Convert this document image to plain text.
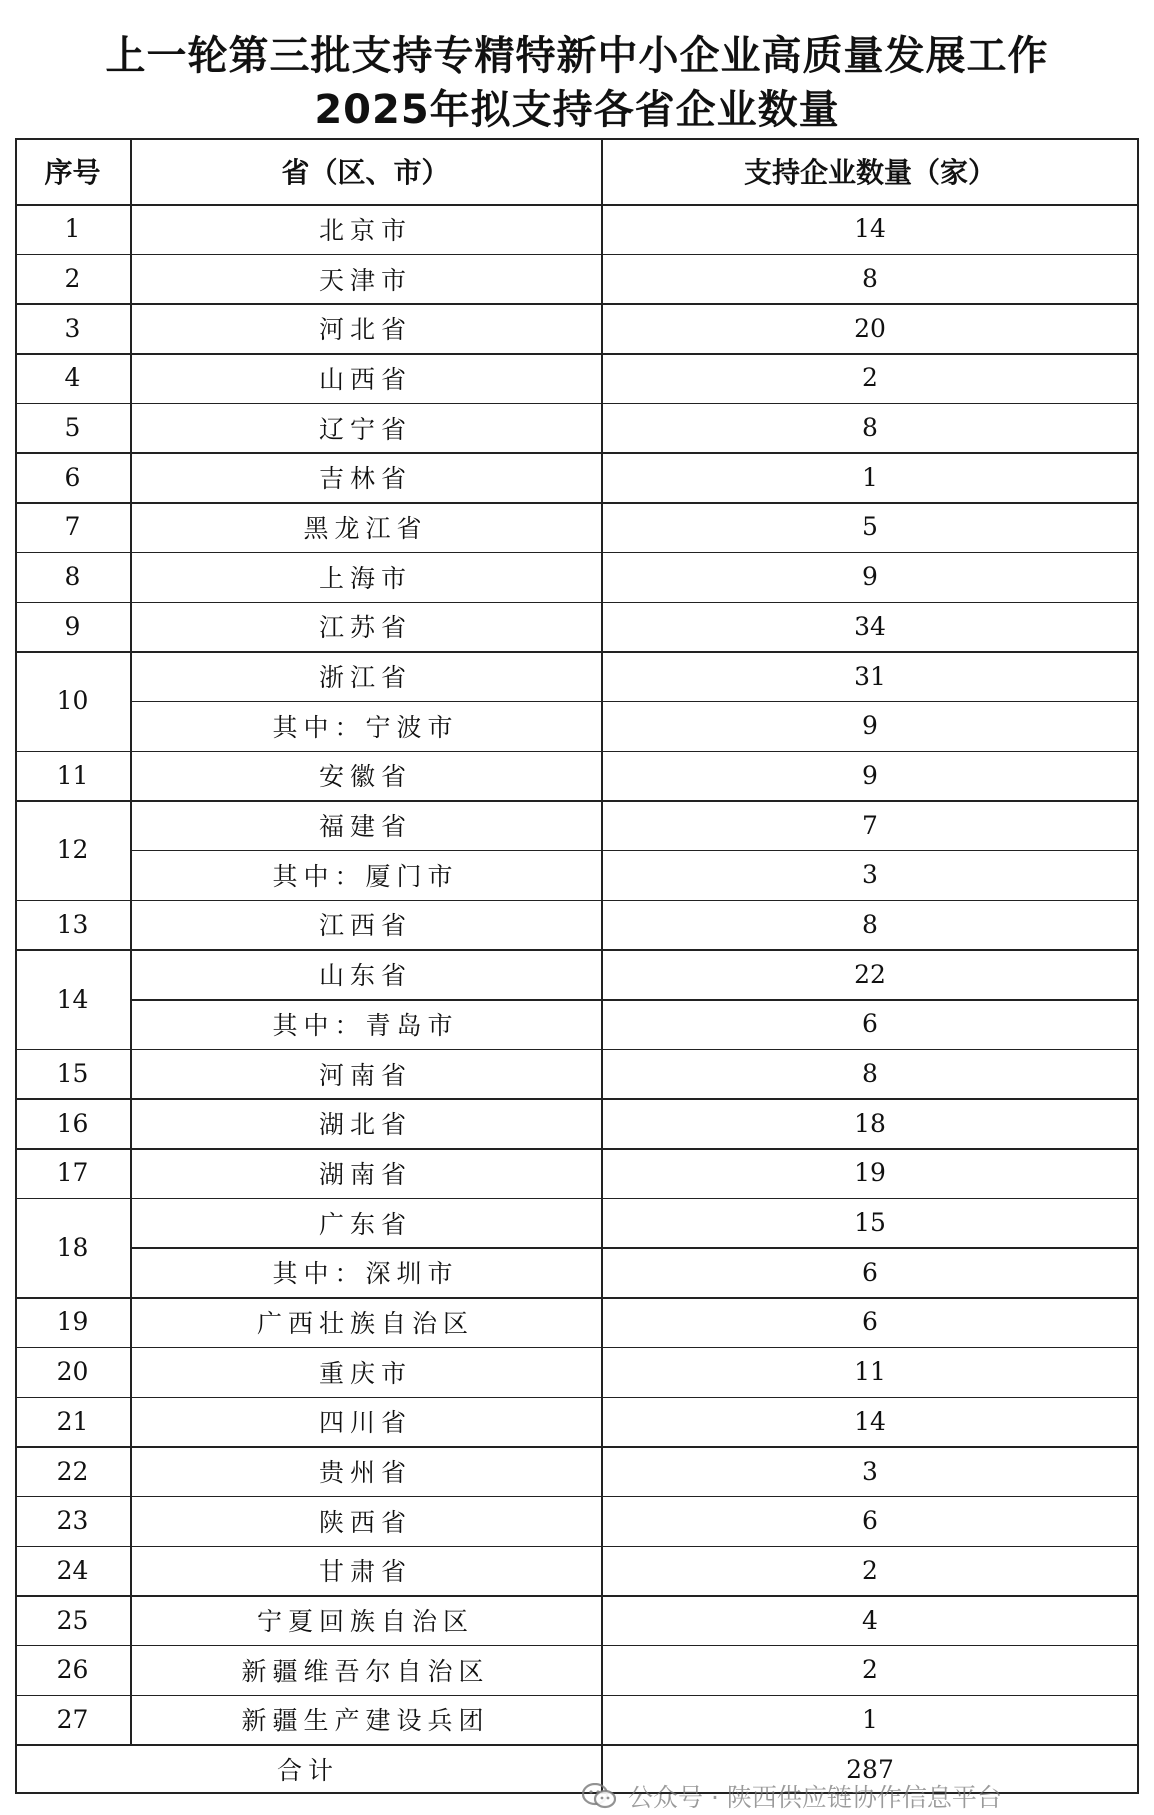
上一轮第三批支持专精特新中小企业高质量发展工作
2025年拟支持各省企业数量
序号	省（区、市）	支持企业数量（家）
1	北京市	14
2	天津市	8
3	河北省	20
4	山西省	2
5	辽宁省	8
6	吉林省	1
7	黑龙江省	5
8	上海市	9
9	江苏省	34
10
浙江省	31
其中：宁波市	9
11	安徽省	9
12
福建省	7
其中：厦门市	3
13	江西省	8
14
山东省	22
其中：青岛市	6
15	河南省	8
16	湖北省	18
17	湖南省	19
18
广东省	15
其中：深圳市	6
19	广西壮族自治区	6
20	重庆市	11
21	四川省	14
22	贵州省	3
23	陕西省	6
24	甘肃省	2
25	宁夏回族自治区	4
26	新疆维吾尔自治区	2
27	新疆生产建设兵团	1
合计	287
公众号 · 陕西供应链协作信息平台
